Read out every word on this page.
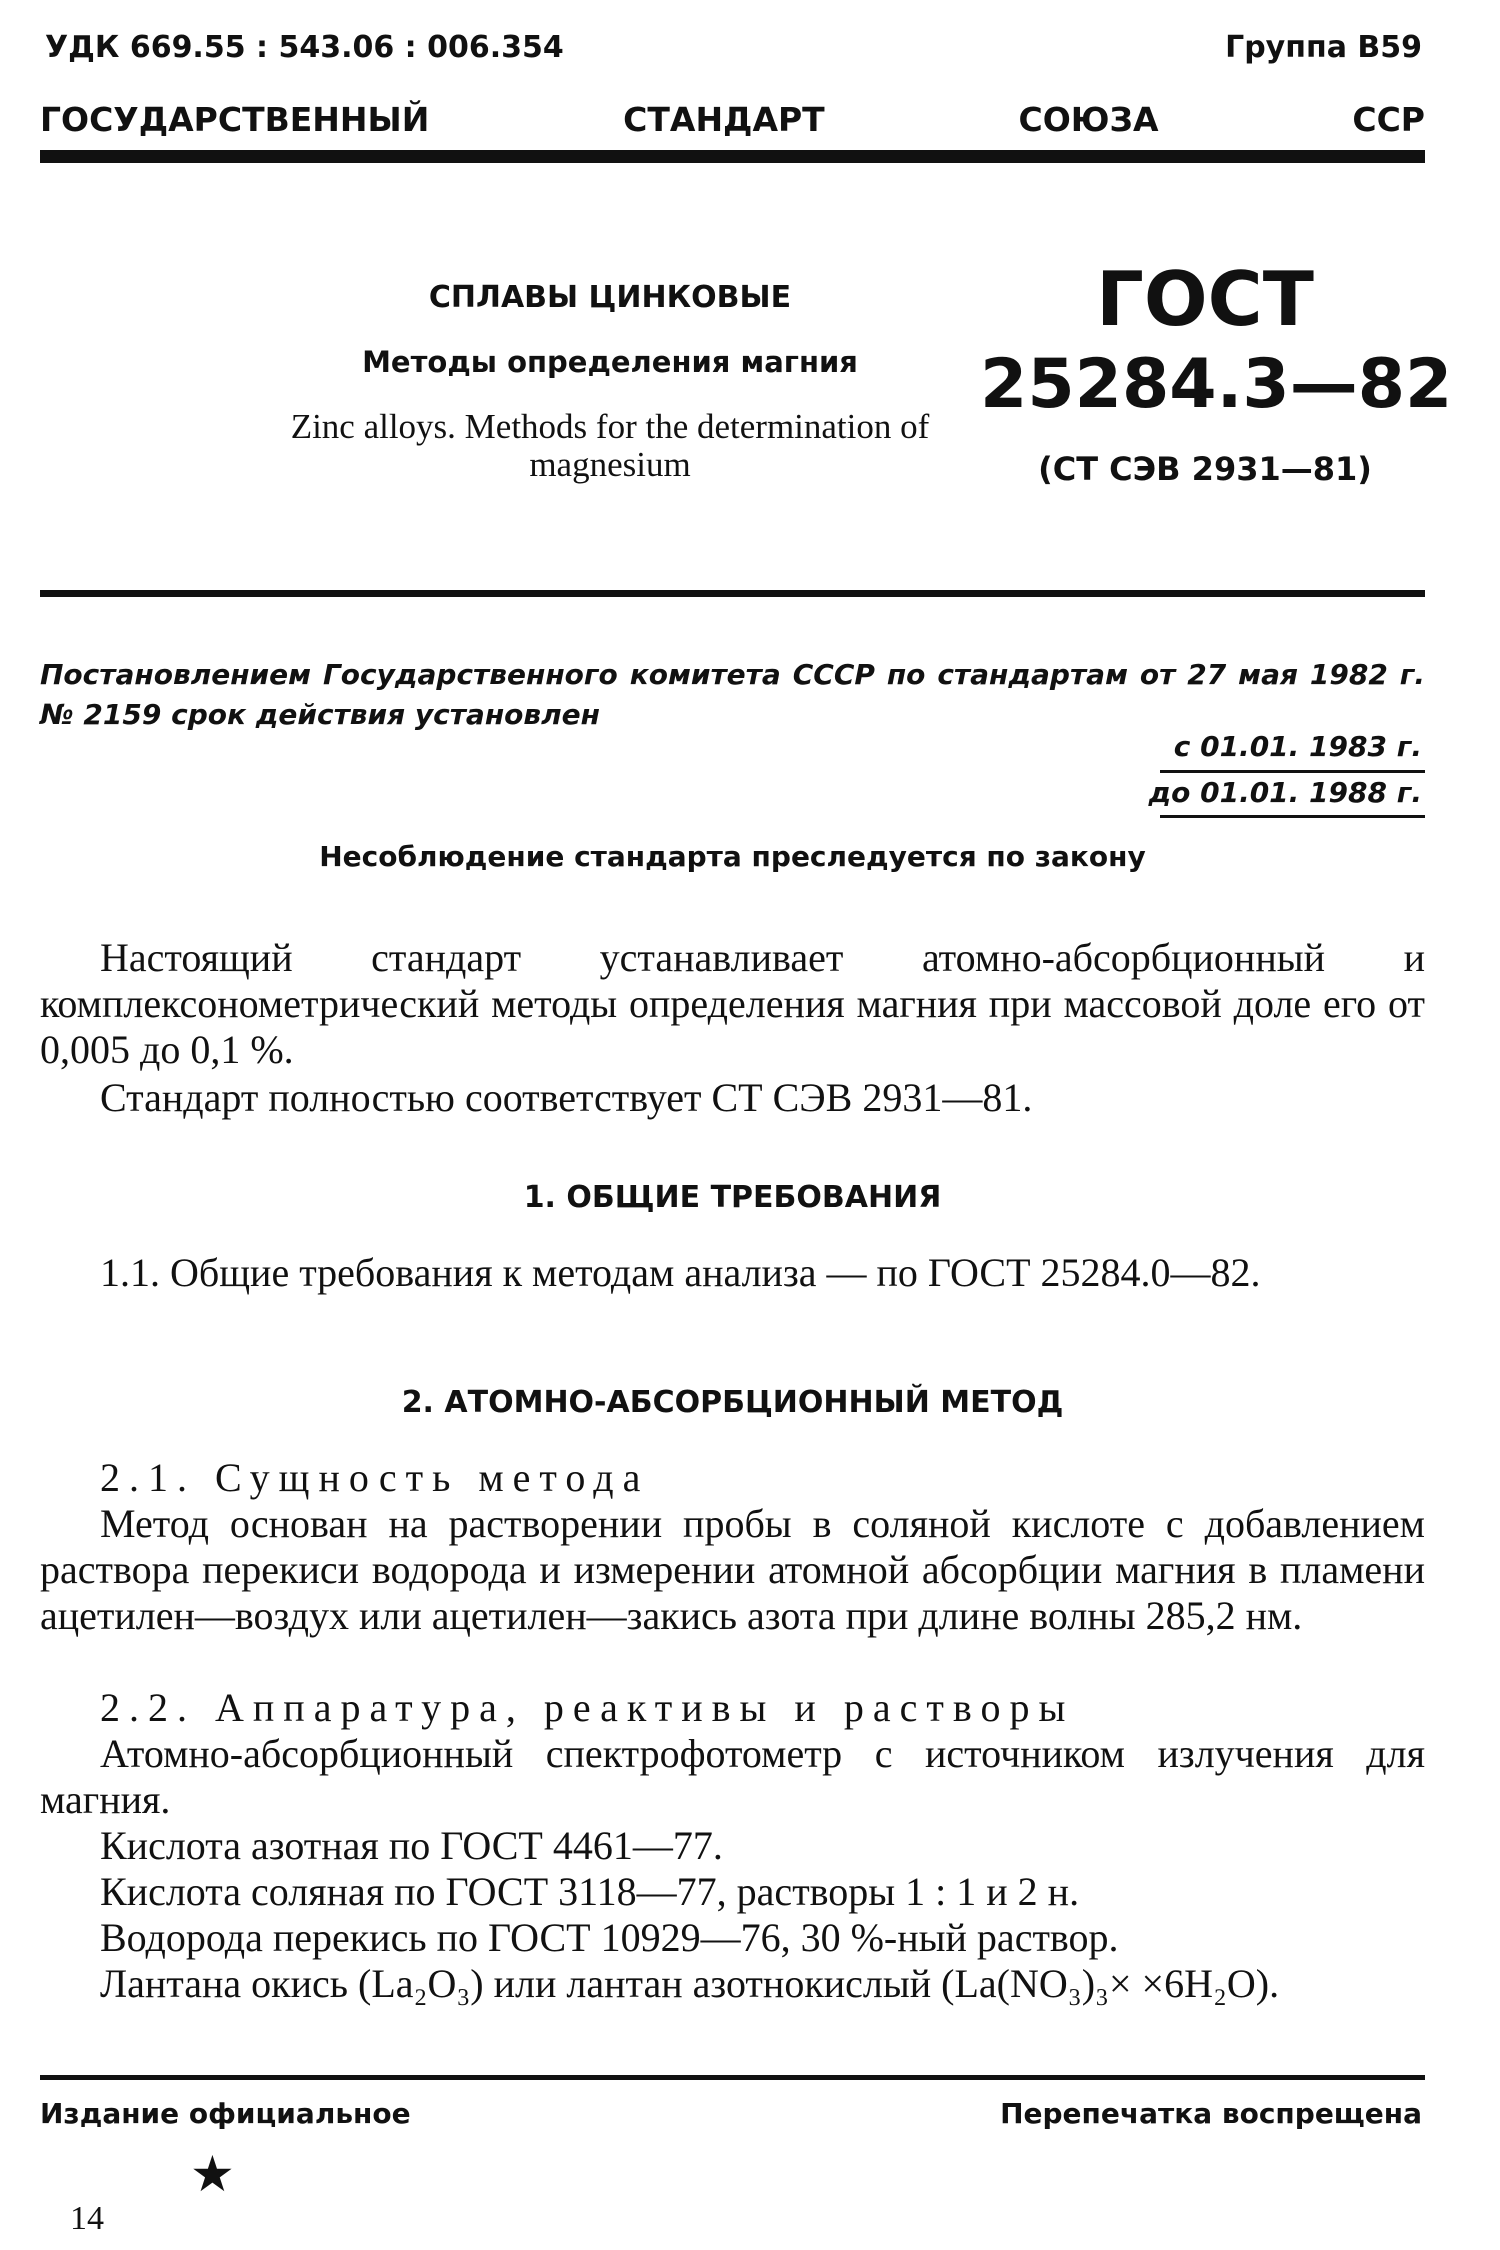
УДК 669.55 : 543.06 : 006.354	Группа В59
ГОСУДАРСТВЕННЫЙ СТАНДАРТ СОЮЗА ССР
СПЛАВЫ ЦИНКОВЫЕ
Методы определения магния
Zinc alloys. Methods for the determination of magnesium
ГОСТ
25284.3—82
(СТ СЭВ 2931—81)
Постановлением Государственного комитета СССР по стандартам от 27 мая 1982 г. № 2159 срок действия установлен
с 01.01. 1983 г.
до 01.01. 1988 г.
Несоблюдение стандарта преследуется по закону
Настоящий стандарт устанавливает атомно-абсорбционный и комплексонометрический методы определения магния при массовой доле его от 0,005 до 0,1 %.
Стандарт полностью соответствует СТ СЭВ 2931—81.
1. ОБЩИЕ ТРЕБОВАНИЯ
1.1. Общие требования к методам анализа — по ГОСТ 25284.0—82.
2. АТОМНО-АБСОРБЦИОННЫЙ МЕТОД
2.1. Сущность метода
Метод основан на растворении пробы в соляной кислоте с добавлением раствора перекиси водорода и измерении атомной абсорбции магния в пламени ацетилен—воздух или ацетилен—закись азота при длине волны 285,2 нм.
2.2. Аппаратура, реактивы и растворы
Атомно-абсорбционный спектрофотометр с источником излучения для магния.
Кислота азотная по ГОСТ 4461—77.
Кислота соляная по ГОСТ 3118—77, растворы 1 : 1 и 2 н.
Водорода перекись по ГОСТ 10929—76, 30 %-ный раствор.
Лантана окись (La₂O₃) или лантан азотнокислый (La(NO₃)₃× ×6H₂O).
Издание официальное	Перепечатка воспрещена
★
14
